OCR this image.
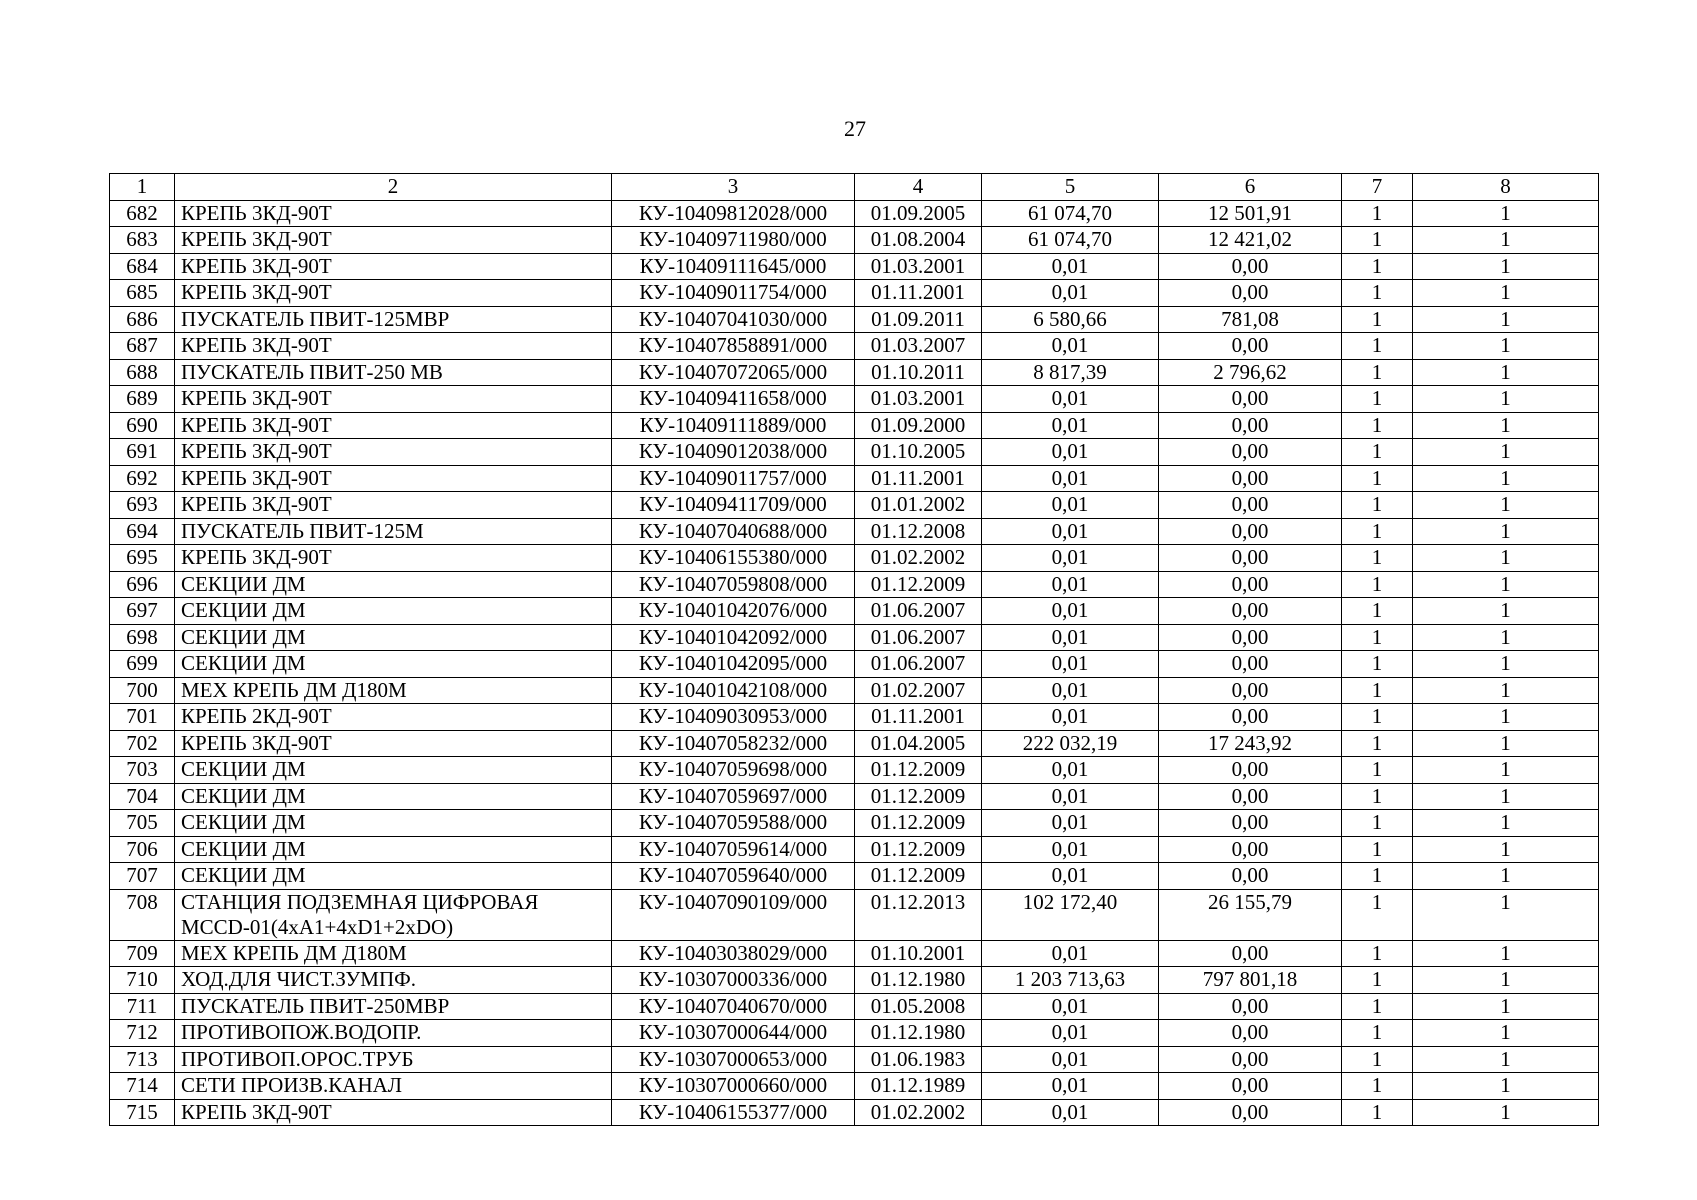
27
1	2	3	4	5	6	7	8
682	КРЕПЬ 3КД-90Т	КУ-10409812028/000	01.09.2005	61 074,70	12 501,91	1	1
683	КРЕПЬ 3КД-90Т	КУ-10409711980/000	01.08.2004	61 074,70	12 421,02	1	1
684	КРЕПЬ 3КД-90Т	КУ-10409111645/000	01.03.2001	0,01	0,00	1	1
685	КРЕПЬ 3КД-90Т	КУ-10409011754/000	01.11.2001	0,01	0,00	1	1
686	ПУСКАТЕЛЬ ПВИТ-125МВР	КУ-10407041030/000	01.09.2011	6 580,66	781,08	1	1
687	КРЕПЬ 3КД-90Т	КУ-10407858891/000	01.03.2007	0,01	0,00	1	1
688	ПУСКАТЕЛЬ ПВИТ-250 МВ	КУ-10407072065/000	01.10.2011	8 817,39	2 796,62	1	1
689	КРЕПЬ 3КД-90Т	КУ-10409411658/000	01.03.2001	0,01	0,00	1	1
690	КРЕПЬ 3КД-90Т	КУ-10409111889/000	01.09.2000	0,01	0,00	1	1
691	КРЕПЬ 3КД-90Т	КУ-10409012038/000	01.10.2005	0,01	0,00	1	1
692	КРЕПЬ 3КД-90Т	КУ-10409011757/000	01.11.2001	0,01	0,00	1	1
693	КРЕПЬ 3КД-90Т	КУ-10409411709/000	01.01.2002	0,01	0,00	1	1
694	ПУСКАТЕЛЬ ПВИТ-125М	КУ-10407040688/000	01.12.2008	0,01	0,00	1	1
695	КРЕПЬ 3КД-90Т	КУ-10406155380/000	01.02.2002	0,01	0,00	1	1
696	СЕКЦИИ ДМ	КУ-10407059808/000	01.12.2009	0,01	0,00	1	1
697	СЕКЦИИ ДМ	КУ-10401042076/000	01.06.2007	0,01	0,00	1	1
698	СЕКЦИИ ДМ	КУ-10401042092/000	01.06.2007	0,01	0,00	1	1
699	СЕКЦИИ ДМ	КУ-10401042095/000	01.06.2007	0,01	0,00	1	1
700	МЕХ КРЕПЬ ДМ Д180М	КУ-10401042108/000	01.02.2007	0,01	0,00	1	1
701	КРЕПЬ 2КД-90Т	КУ-10409030953/000	01.11.2001	0,01	0,00	1	1
702	КРЕПЬ 3КД-90Т	КУ-10407058232/000	01.04.2005	222 032,19	17 243,92	1	1
703	СЕКЦИИ ДМ	КУ-10407059698/000	01.12.2009	0,01	0,00	1	1
704	СЕКЦИИ ДМ	КУ-10407059697/000	01.12.2009	0,01	0,00	1	1
705	СЕКЦИИ ДМ	КУ-10407059588/000	01.12.2009	0,01	0,00	1	1
706	СЕКЦИИ ДМ	КУ-10407059614/000	01.12.2009	0,01	0,00	1	1
707	СЕКЦИИ ДМ	КУ-10407059640/000	01.12.2009	0,01	0,00	1	1
708	СТАНЦИЯ ПОДЗЕМНАЯ ЦИФРОВАЯ MCCD-01(4xA1+4xD1+2xDO)	КУ-10407090109/000	01.12.2013	102 172,40	26 155,79	1	1
709	МЕХ КРЕПЬ ДМ Д180М	КУ-10403038029/000	01.10.2001	0,01	0,00	1	1
710	ХОД.ДЛЯ ЧИСТ.ЗУМПФ.	КУ-10307000336/000	01.12.1980	1 203 713,63	797 801,18	1	1
711	ПУСКАТЕЛЬ ПВИТ-250МВР	КУ-10407040670/000	01.05.2008	0,01	0,00	1	1
712	ПРОТИВОПОЖ.ВОДОПР.	КУ-10307000644/000	01.12.1980	0,01	0,00	1	1
713	ПРОТИВОП.ОРОС.ТРУБ	КУ-10307000653/000	01.06.1983	0,01	0,00	1	1
714	СЕТИ ПРОИЗВ.КАНАЛ	КУ-10307000660/000	01.12.1989	0,01	0,00	1	1
715	КРЕПЬ 3КД-90Т	КУ-10406155377/000	01.02.2002	0,01	0,00	1	1
